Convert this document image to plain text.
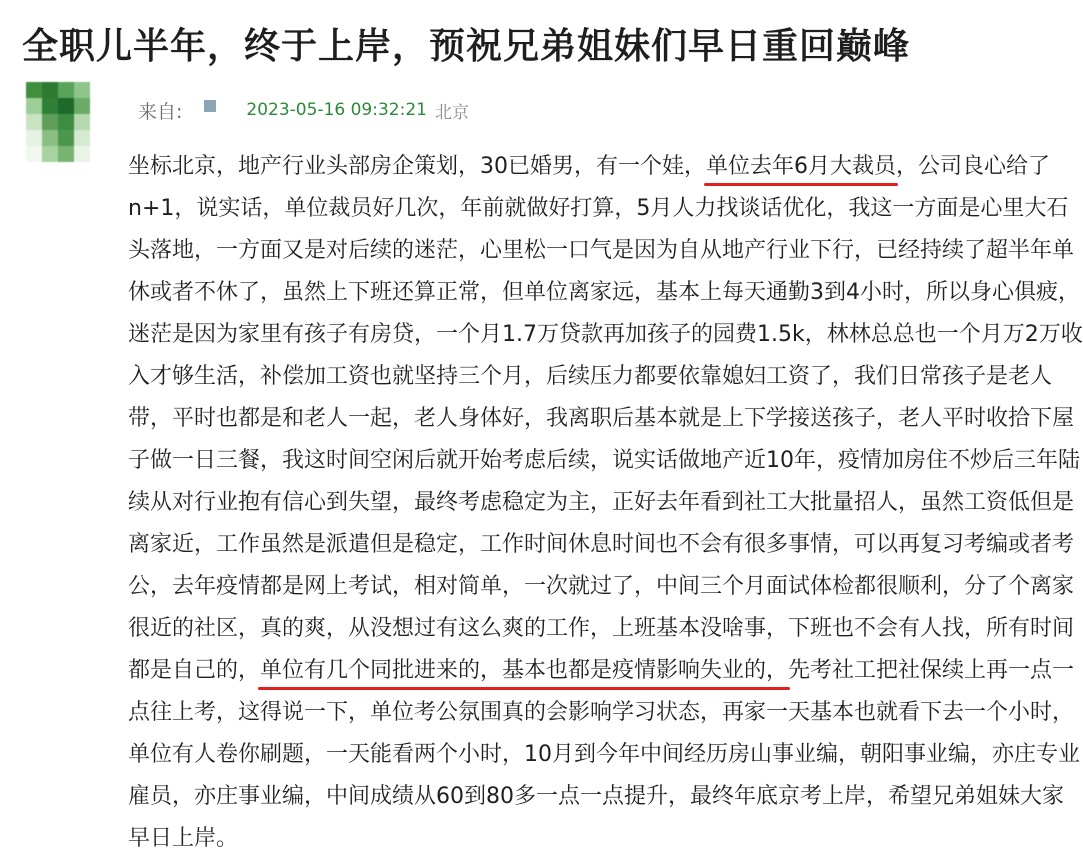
全职儿半年，终于上岸，预祝兄弟姐妹们早日重回巅峰
来自:	2023-05-16 09:32:21 北京
坐标北京，地产行业头部房企策划，30已婚男，有一个娃，单位去年6月大裁员，公司良心给了
n+1，说实话，单位裁员好几次，年前就做好打算，5月人力找谈话优化，我这一方面是心里大石
头落地，一方面又是对后续的迷茫，心里松一口气是因为自从地产行业下行，已经持续了超半年单
休或者不休了，虽然上下班还算正常，但单位离家远，基本上每天通勤3到4小时，所以身心俱疲，
迷茫是因为家里有孩子有房贷，一个月1.7万贷款再加孩子的园费1.5k，林林总总也一个月万2万收
入才够生活，补偿加工资也就坚持三个月，后续压力都要依靠媳妇工资了，我们日常孩子是老人
带，平时也都是和老人一起，老人身体好，我离职后基本就是上下学接送孩子，老人平时收拾下屋
子做一日三餐，我这时间空闲后就开始考虑后续，说实话做地产近10年，疫情加房住不炒后三年陆
续从对行业抱有信心到失望，最终考虑稳定为主，正好去年看到社工大批量招人，虽然工资低但是
离家近，工作虽然是派遣但是稳定，工作时间休息时间也不会有很多事情，可以再复习考编或者考
公，去年疫情都是网上考试，相对简单，一次就过了，中间三个月面试体检都很顺利，分了个离家
很近的社区，真的爽，从没想过有这么爽的工作，上班基本没啥事，下班也不会有人找，所有时间
都是自己的，单位有几个同批进来的，基本也都是疫情影响失业的，先考社工把社保续上再一点一
点往上考，这得说一下，单位考公氛围真的会影响学习状态，再家一天基本也就看下去一个小时，
单位有人卷你刷题，一天能看两个小时，10月到今年中间经历房山事业编，朝阳事业编，亦庄专业
雇员，亦庄事业编，中间成绩从60到80多一点一点提升，最终年底京考上岸，希望兄弟姐妹大家
早日上岸。
